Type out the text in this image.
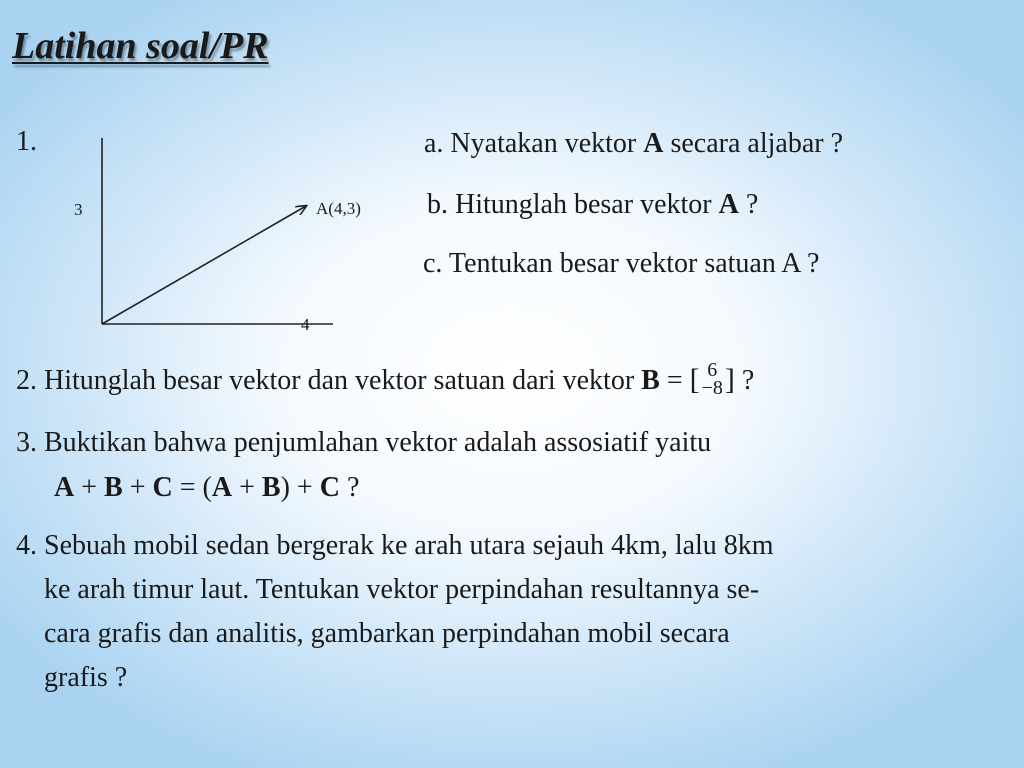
Latihan soal/PR
1.
3	A(4,3)
4
a. Nyatakan vektor A secara aljabar ?
b. Hitunglah besar vektor A ?
c. Tentukan besar vektor satuan A ?
2. Hitunglah besar vektor dan vektor satuan dari vektor B = [ 6
−8 ] ?
3. Buktikan bahwa penjumlahan vektor adalah assosiatif yaitu
A + B + C = (A + B) + C ?
4. Sebuah mobil sedan bergerak ke arah utara sejauh 4km, lalu 8km
ke arah timur laut. Tentukan vektor perpindahan resultannya se-
cara grafis dan analitis, gambarkan perpindahan mobil secara
grafis ?
